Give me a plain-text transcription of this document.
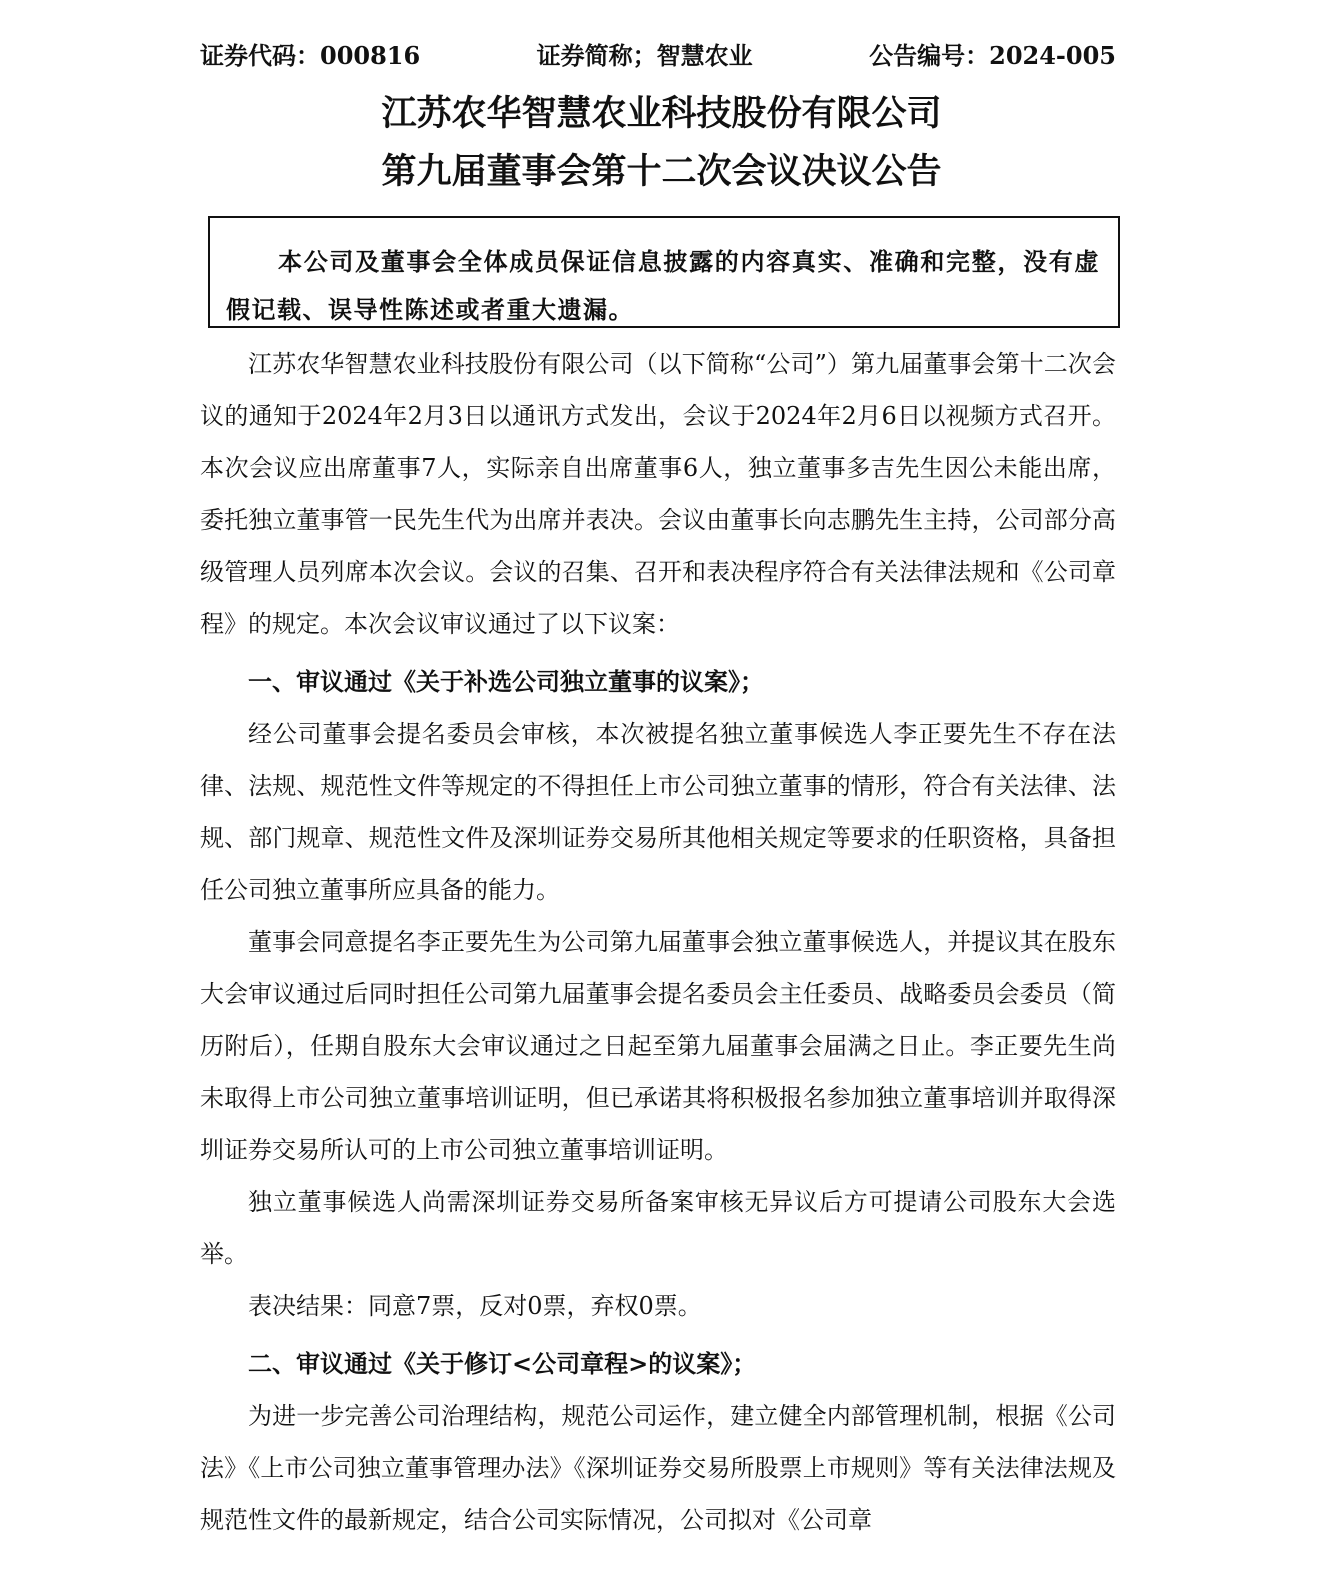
证券代码：000816	证券简称；智慧农业	公告编号：2024-005
江苏农华智慧农业科技股份有限公司
第九届董事会第十二次会议决议公告

本公司及董事会全体成员保证信息披露的内容真实、准确和完整，没有虚假记载、误导性陈述或者重大遗漏。

江苏农华智慧农业科技股份有限公司（以下简称“公司”）第九届董事会第十二次会议的通知于2024年2月3日以通讯方式发出，会议于2024年2月6日以视频方式召开。本次会议应出席董事7人，实际亲自出席董事6人，独立董事多吉先生因公未能出席，委托独立董事管一民先生代为出席并表决。会议由董事长向志鹏先生主持，公司部分高级管理人员列席本次会议。会议的召集、召开和表决程序符合有关法律法规和《公司章程》的规定。本次会议审议通过了以下议案：

一、审议通过《关于补选公司独立董事的议案》；

经公司董事会提名委员会审核，本次被提名独立董事候选人李正要先生不存在法律、法规、规范性文件等规定的不得担任上市公司独立董事的情形，符合有关法律、法规、部门规章、规范性文件及深圳证券交易所其他相关规定等要求的任职资格，具备担任公司独立董事所应具备的能力。

董事会同意提名李正要先生为公司第九届董事会独立董事候选人，并提议其在股东大会审议通过后同时担任公司第九届董事会提名委员会主任委员、战略委员会委员（简历附后），任期自股东大会审议通过之日起至第九届董事会届满之日止。李正要先生尚未取得上市公司独立董事培训证明，但已承诺其将积极报名参加独立董事培训并取得深圳证券交易所认可的上市公司独立董事培训证明。

独立董事候选人尚需深圳证券交易所备案审核无异议后方可提请公司股东大会选举。

表决结果：同意7票，反对0票，弃权0票。

二、审议通过《关于修订<公司章程>的议案》；

为进一步完善公司治理结构，规范公司运作，建立健全内部管理机制，根据《公司法》《上市公司独立董事管理办法》《深圳证券交易所股票上市规则》等有关法律法规及规范性文件的最新规定，结合公司实际情况，公司拟对《公司章
